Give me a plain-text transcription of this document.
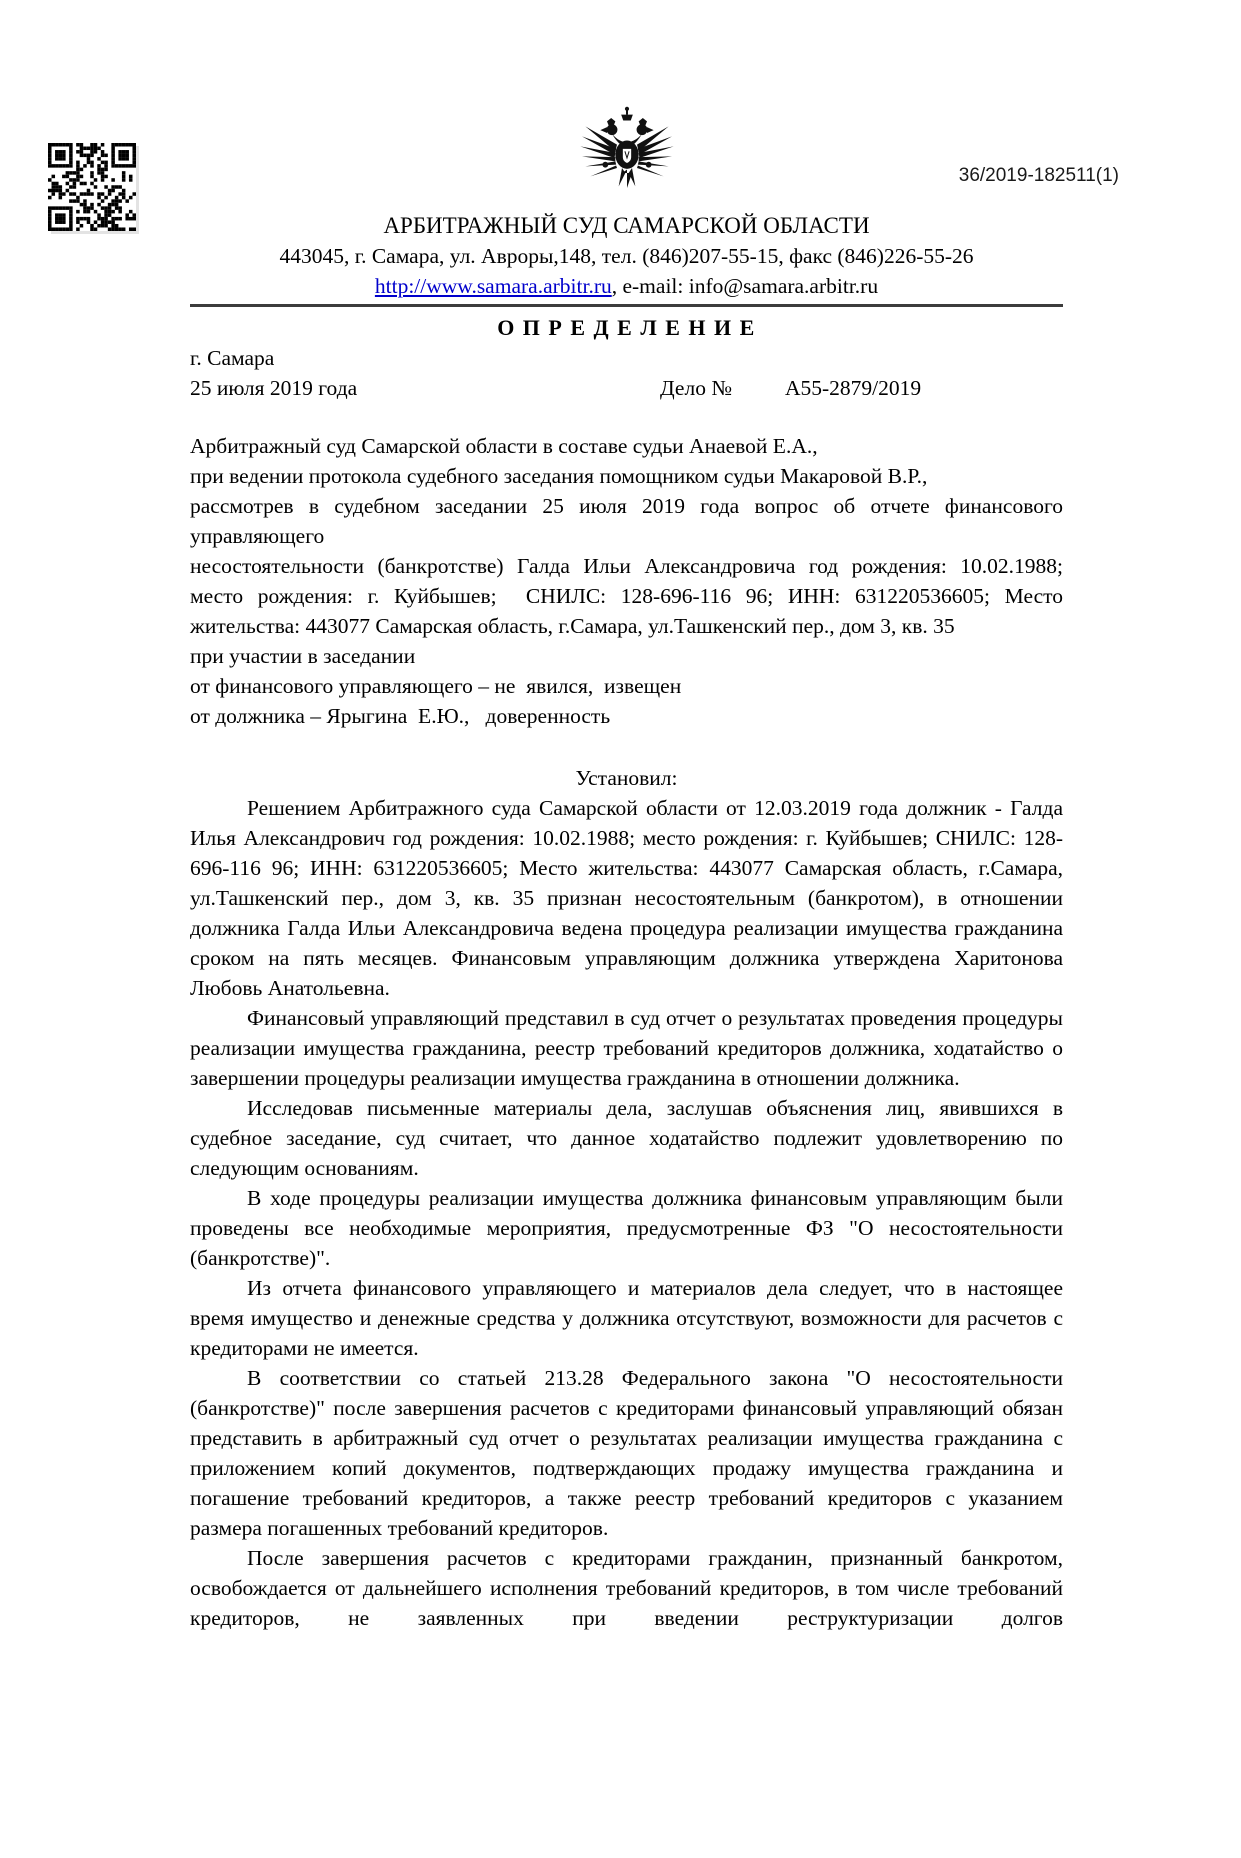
36/2019-182511(1)
АРБИТРАЖНЫЙ СУД САМАРСКОЙ ОБЛАСТИ
443045, г. Самара, ул. Авроры,148, тел. (846)207-55-15, факс (846)226-55-26
http://www.samara.arbitr.ru, e-mail: info@samara.arbitr.ru
О П Р Е Д Е Л Е Н И Е
г. Самара
25 июля 2019 года	Дело № А55-2879/2019
Арбитражный суд Самарской области в составе судьи Анаевой Е.А.,
при ведении протокола судебного заседания помощником судьи Макаровой В.Р.,
рассмотрев в судебном заседании 25 июля 2019 года вопрос об отчете финансового управляющего
несостоятельности (банкротстве) Галда Ильи Александровича год рождения: 10.02.1988; место рождения: г. Куйбышев;  СНИЛС: 128-696-116 96; ИНН: 631220536605; Место жительства: 443077 Самарская область, г.Самара, ул.Ташкенский пер., дом 3, кв. 35
при участии в заседании
от финансового управляющего – не  явился,  извещен
от должника – Ярыгина  Е.Ю.,   доверенность
Установил:
Решением Арбитражного суда Самарской области от 12.03.2019 года должник - Галда Илья Александрович год рождения: 10.02.1988; место рождения: г. Куйбышев; СНИЛС: 128-696-116 96; ИНН: 631220536605; Место жительства: 443077 Самарская область, г.Самара, ул.Ташкенский пер., дом 3, кв. 35 признан несостоятельным (банкротом), в отношении должника Галда Ильи Александровича ведена процедура реализации имущества гражданина сроком на пять месяцев. Финансовым управляющим должника утверждена Харитонова Любовь Анатольевна.
Финансовый управляющий представил в суд отчет о результатах проведения процедуры реализации имущества гражданина, реестр требований кредиторов должника, ходатайство о завершении процедуры реализации имущества гражданина в отношении должника.
Исследовав письменные материалы дела, заслушав объяснения лиц, явившихся в судебное заседание, суд считает, что данное ходатайство подлежит удовлетворению по следующим основаниям.
В ходе процедуры реализации имущества должника финансовым управляющим были проведены все необходимые мероприятия, предусмотренные ФЗ "О несостоятельности (банкротстве)".
Из отчета финансового управляющего и материалов дела следует, что в настоящее время имущество и денежные средства у должника отсутствуют, возможности для расчетов с кредиторами не имеется.
В соответствии со статьей 213.28 Федерального закона "О несостоятельности (банкротстве)" после завершения расчетов с кредиторами финансовый управляющий обязан представить в арбитражный суд отчет о результатах реализации имущества гражданина с приложением копий документов, подтверждающих продажу имущества гражданина и погашение требований кредиторов, а также реестр требований кредиторов с указанием размера погашенных требований кредиторов.
После завершения расчетов с кредиторами гражданин, признанный банкротом, освобождается от дальнейшего исполнения требований кредиторов, в том числе требований кредиторов, не заявленных при введении реструктуризации долгов
